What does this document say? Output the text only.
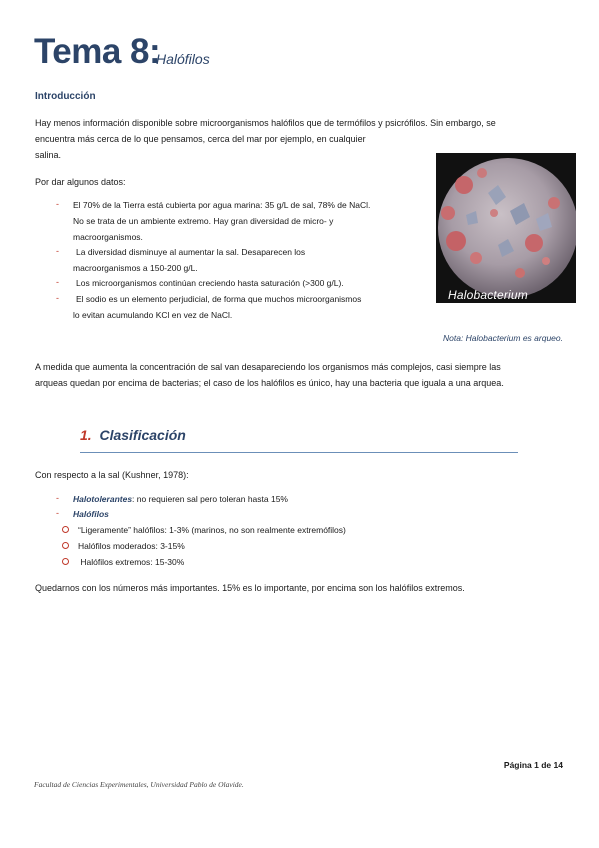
Tema 8:
Halófilos
Introducción
Hay menos información disponible sobre microorganismos halófilos que de termófilos y psicrófilos. Sin embargo, se
encuentra más cerca de lo que pensamos, cerca del mar por ejemplo, en cualquier
salina.
Por dar algunos datos:
- El 70% de la Tierra está cubierta por agua marina: 35 g/L de sal, 78% de NaCl.
No se trata de un ambiente extremo. Hay gran diversidad de micro- y
macroorganismos.
- La diversidad disminuye al aumentar la sal. Desaparecen los
macroorganismos a 150-200 g/L.
- Los microorganismos continúan creciendo hasta saturación (>300 g/L).
- El sodio es un elemento perjudicial, de forma que muchos microorganismos
lo evitan acumulando KCl en vez de NaCl.
Halobacterium
Nota: Halobacterium es arqueo.
A medida que aumenta la concentración de sal van desapareciendo los organismos más complejos, casi siempre las
arqueas quedan por encima de bacterias; el caso de los halófilos es único, hay una bacteria que iguala a una arquea.
1. Clasificación
Con respecto a la sal (Kushner, 1978):
- Halotolerantes: no requieren sal pero toleran hasta 15%
- Halófilos
“Ligeramente” halófilos: 1-3% (marinos, no son realmente extremófilos)
Halófilos moderados: 3-15%
Halófilos extremos: 15-30%
Quedarnos con los números más importantes. 15% es lo importante, por encima son los halófilos extremos.
Página 1 de 14
Facultad de Ciencias Experimentales, Universidad Pablo de Olavide.
